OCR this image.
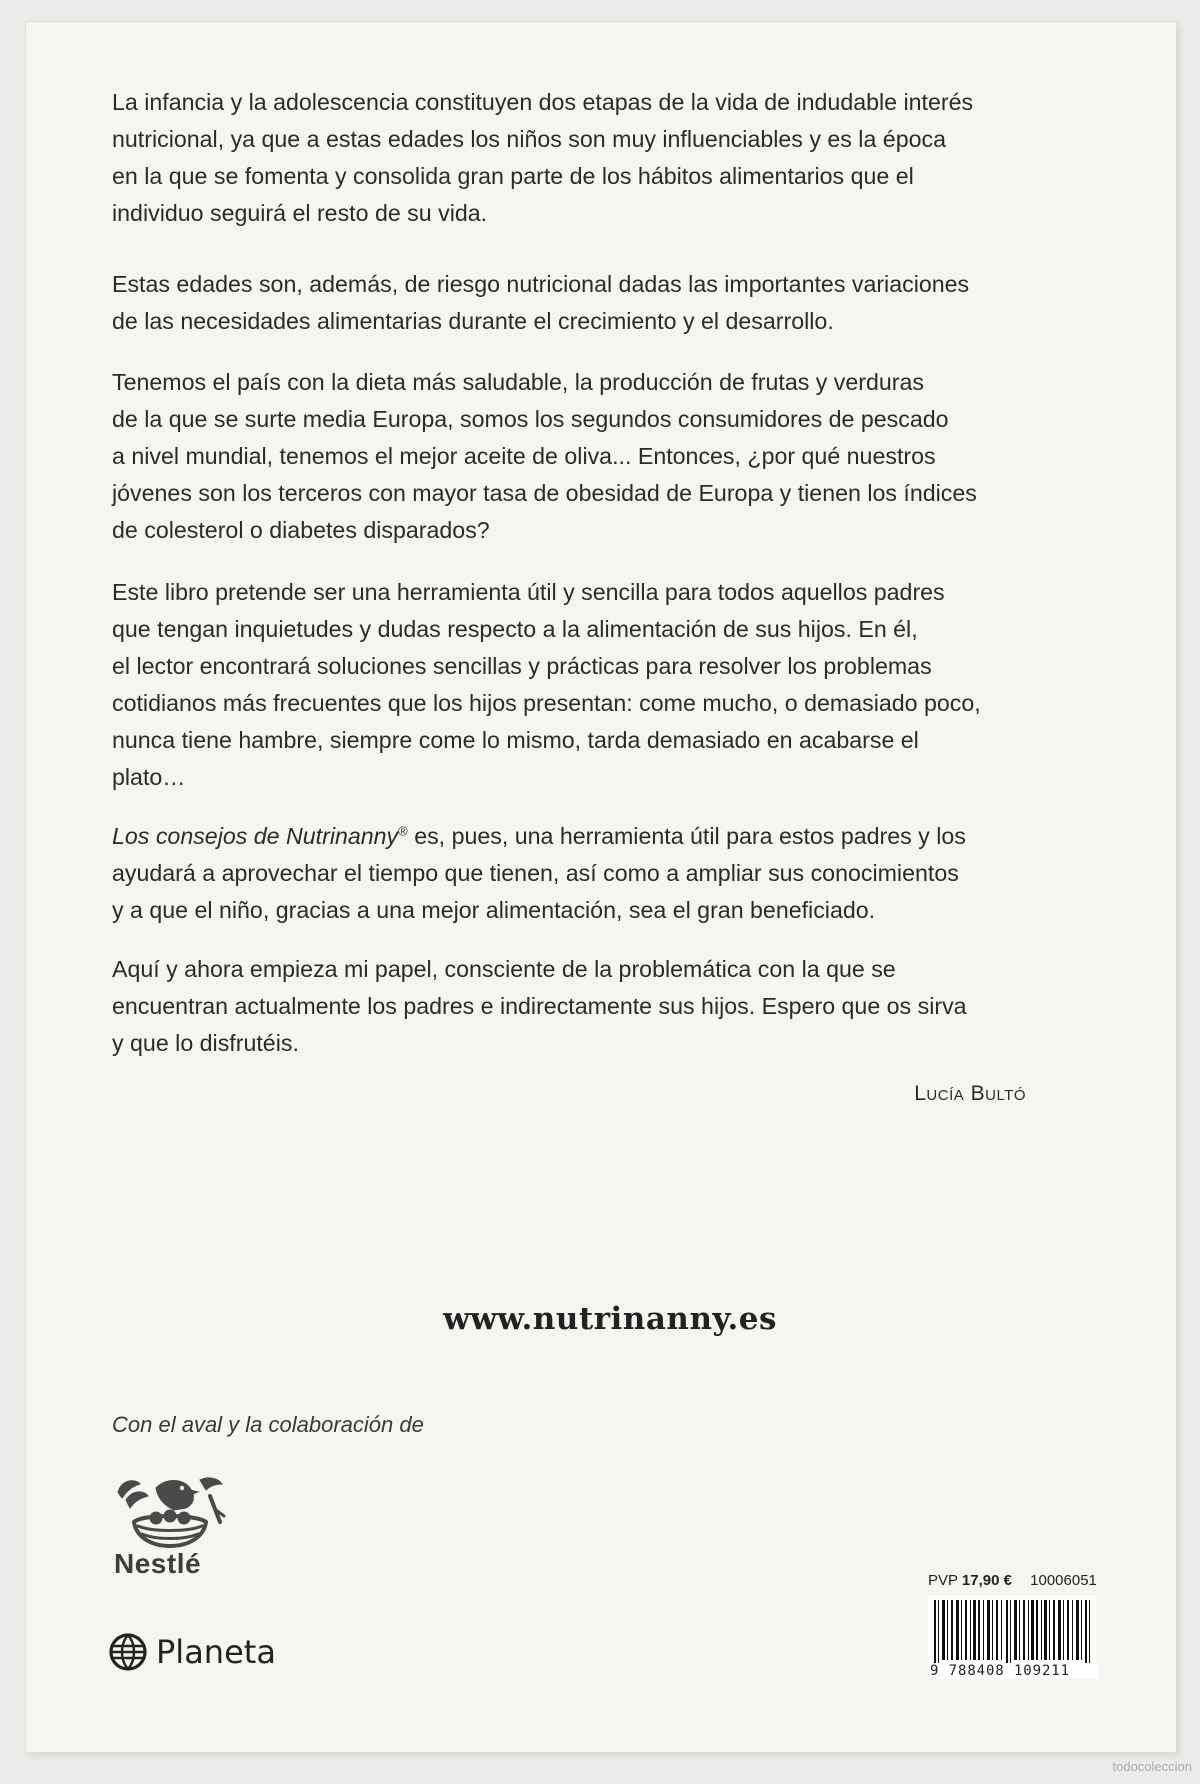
La infancia y la adolescencia constituyen dos etapas de la vida de indudable interés
nutricional, ya que a estas edades los niños son muy influenciables y es la época
en la que se fomenta y consolida gran parte de los hábitos alimentarios que el
individuo seguirá el resto de su vida.

Estas edades son, además, de riesgo nutricional dadas las importantes variaciones
de las necesidades alimentarias durante el crecimiento y el desarrollo.

Tenemos el país con la dieta más saludable, la producción de frutas y verduras
de la que se surte media Europa, somos los segundos consumidores de pescado
a nivel mundial, tenemos el mejor aceite de oliva... Entonces, ¿por qué nuestros
jóvenes son los terceros con mayor tasa de obesidad de Europa y tienen los índices
de colesterol o diabetes disparados?

Este libro pretende ser una herramienta útil y sencilla para todos aquellos padres
que tengan inquietudes y dudas respecto a la alimentación de sus hijos. En él,
el lector encontrará soluciones sencillas y prácticas para resolver los problemas
cotidianos más frecuentes que los hijos presentan: come mucho, o demasiado poco,
nunca tiene hambre, siempre come lo mismo, tarda demasiado en acabarse el
plato…

Los consejos de Nutrinanny® es, pues, una herramienta útil para estos padres y los
ayudará a aprovechar el tiempo que tienen, así como a ampliar sus conocimientos
y a que el niño, gracias a una mejor alimentación, sea el gran beneficiado.

Aquí y ahora empieza mi papel, consciente de la problemática con la que se
encuentran actualmente los padres e indirectamente sus hijos. Espero que os sirva
y que lo disfrutéis.

Lucía Bultó
www.nutrinanny.es
Con el aval y la colaboración de
Nestlé
Planeta
PVP 17,90 € 10006051
9 788408 109211
todocoleccion
